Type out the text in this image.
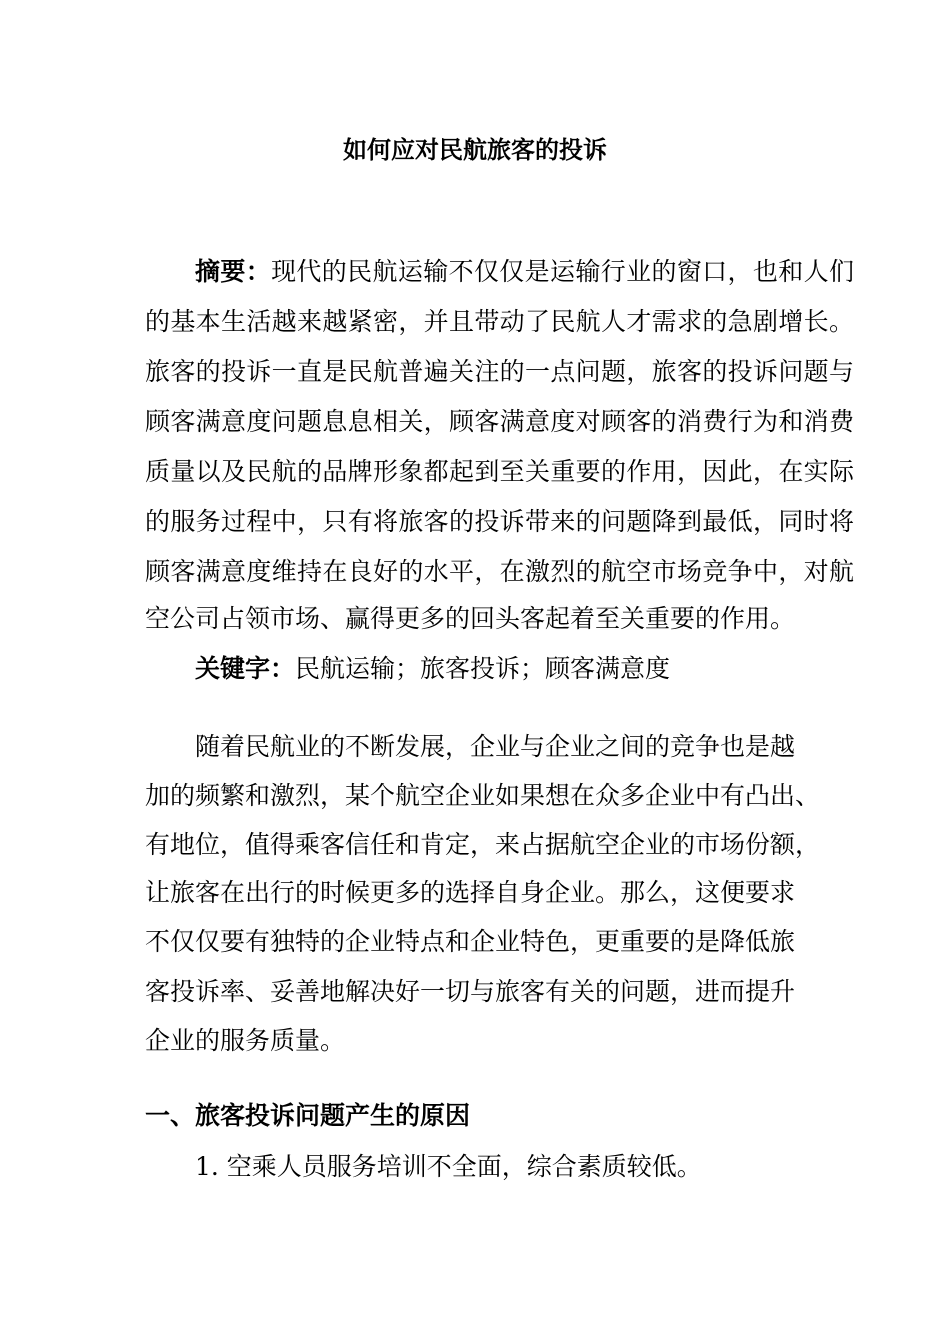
如何应对民航旅客的投诉

摘要：现代的民航运输不仅仅是运输行业的窗口，也和人们

的基本生活越来越紧密，并且带动了民航人才需求的急剧增长。

旅客的投诉一直是民航普遍关注的一点问题，旅客的投诉问题与

顾客满意度问题息息相关，顾客满意度对顾客的消费行为和消费

质量以及民航的品牌形象都起到至关重要的作用，因此，在实际

的服务过程中，只有将旅客的投诉带来的问题降到最低，同时将

顾客满意度维持在良好的水平，在激烈的航空市场竞争中，对航

空公司占领市场、赢得更多的回头客起着至关重要的作用。

关键字：民航运输；旅客投诉；顾客满意度

随着民航业的不断发展，企业与企业之间的竞争也是越

加的频繁和激烈，某个航空企业如果想在众多企业中有凸出、

有地位，值得乘客信任和肯定，来占据航空企业的市场份额，

让旅客在出行的时候更多的选择自身企业。那么，这便要求

不仅仅要有独特的企业特点和企业特色，更重要的是降低旅

客投诉率、妥善地解决好一切与旅客有关的问题，进而提升

企业的服务质量。

一、旅客投诉问题产生的原因

1. 空乘人员服务培训不全面，综合素质较低。
